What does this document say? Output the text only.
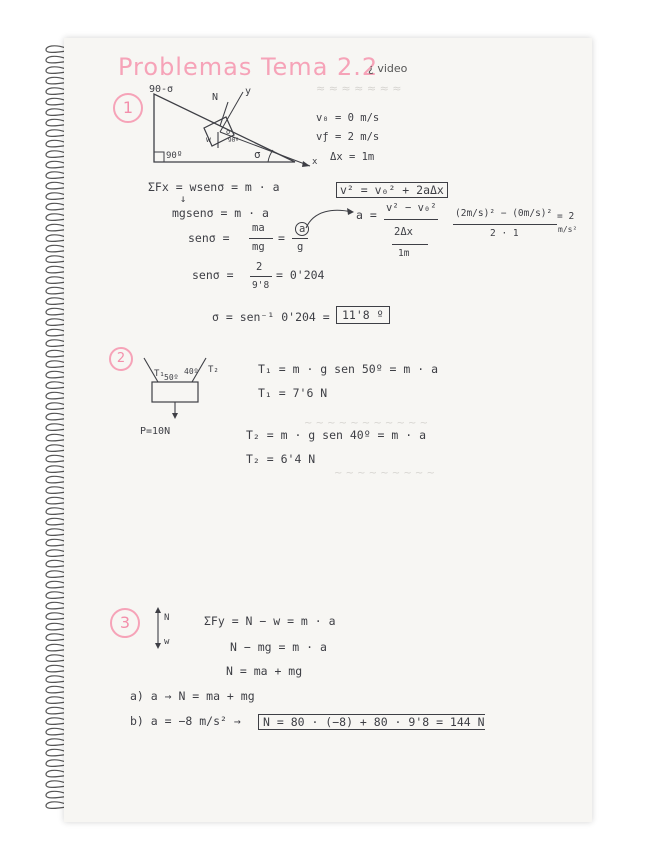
≈ ≈ ≈ ≈ ≈ ≈ ≈
~ ~ ~ ~ ~ ~ ~ ~ ~ ~ ~
~ ~ ~ ~ ~ ~ ~ ~ ~
Problemas Tema 2.2
¿ video
1
90-σ
90º	σ
N
y
x
w
σ
90º
v₀ = 0 m/s
vƒ = 2 m/s
Δx = 1m
ΣFx = wsenσ = m · a
↓
mgsenσ = m · a
v² = v₀² + 2aΔx
senσ =
ma
mg
=
a
g
a = v² − v₀²
2Δx
1m
(2m/s)² − (0m/s)²
2 · 1
= 2
m/s²
senσ =
2
9'8
= 0'204
σ = sen⁻¹ 0'204 =	11'8 º
2
T₁	T₂
50º
40º
P=10N
T₁ = m · g sen 50º = m · a
T₁ = 7'6 N
T₂ = m · g sen 40º = m · a
T₂ = 6'4 N
3	N
w
ΣFy = N − w = m · a
N − mg = m · a
N = ma + mg
a) a → N = ma + mg
b) a = −8 m/s² →	N = 80 · (−8) + 80 · 9'8 = 144 N
